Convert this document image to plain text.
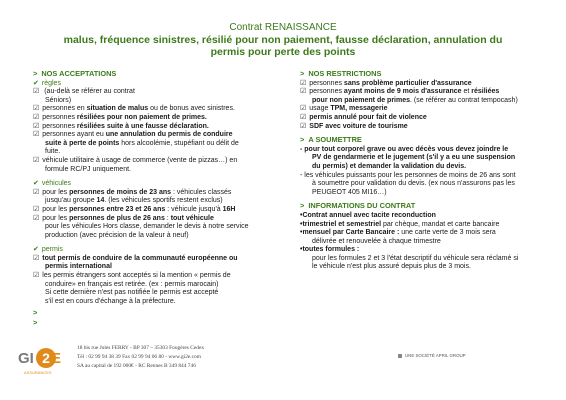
Contrat RENAISSANCE
malus, fréquence sinistres, résilié pour non paiement, fausse déclaration, annulation du
permis pour perte des points
> NOS ACCEPTATIONS
✔ règles
☑ (au-delà se référer au contrat
Séniors)
☑ personnes en situation de malus ou de bonus avec sinistres.
☑ personnes résiliées pour non paiement de primes.
☑ personnes résiliées suite à une fausse déclaration.
☑ personnes ayant eu une annulation du permis de conduire
suite à perte de points hors alcoolémie, stupéfiant ou délit de
fuite.
☑ véhicule utilitaire à usage de commerce (vente de pizzas…) en
formule RC/PJ uniquement.
✔ véhicules
☑ pour les personnes de moins de 23 ans : véhicules classés
jusqu'au groupe 14. (les véhicules sportifs restent exclus)
☑ pour les personnes entre 23 et 26 ans : véhicule jusqu'à 16H
☑ pour les personnes de plus de 26 ans : tout véhicule
pour les véhicules Hors classe, demander le devis à notre service
production (avec précision de la valeur à neuf)
✔ permis
☑ tout permis de conduire de la communauté européenne ou
permis international
☑ les permis étrangers sont acceptés si la mention « permis de
conduire» en français est retirée. (ex : permis marocain)
Si cette dernière n'est pas notifiée le permis est accepté
s'il est en cours d'échange à la préfecture.
>
>
> NOS RESTRICTIONS
☑ personnes sans problème particulier d'assurance
☑ personnes ayant moins de 9 mois d'assurance et résiliées
pour non paiement de primes. (se référer au contrat tempocash)
☑ usage TPM, messagerie
☑ permis annulé pour fait de violence
☑ SDF avec voiture de tourisme
> A SOUMETTRE
- pour tout corporel grave ou avec décès vous devez joindre le
PV de gendarmerie et le jugement (s'il y a eu une suspension
du permis) et demander la validation du devis.
- les véhicules puissants pour les personnes de moins de 26 ans sont
à soumettre pour validation du devis. (ex nous n'assurons pas les
PEUGEOT 405 MI16…)
> INFORMATIONS DU CONTRAT
•Contrat annuel avec tacite reconduction
•trimestriel et semestriel par chèque, mandat et carte bancaire
•mensuel par Carte Bancaire : une carte verte de 3 mois sera
délivrée et renouvelée à chaque trimestre
•toutes formules :
pour les formules 2 et 3 l'état descriptif du véhicule sera réclamé si
le véhicule n'est plus assuré depuis plus de 3 mois.
GI 2 E
ASSURANCES
18 bis rue Jules FERRY - BP 307 – 35303 Fougères Cedex
Tél : 02 99 94 38 39 Fax 02 99 94 06 80 - www.gi2e.com
SA au capital de 192 000€ - RC Rennes B 349 844 746
UNE SOCIÉTÉ APRIL GROUP
